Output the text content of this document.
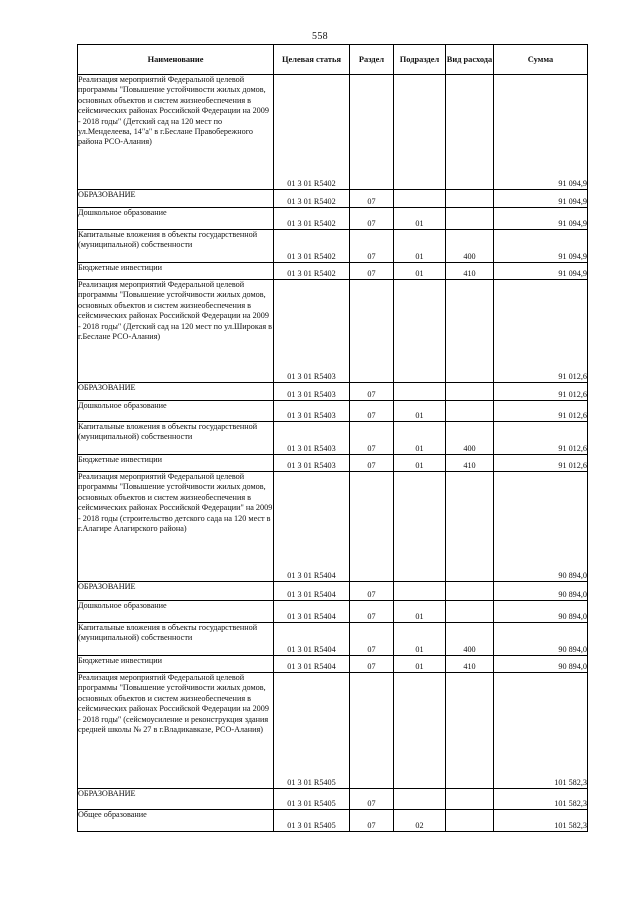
558
Наименование	Целевая статья	Раздел	Подраздел	Вид расхода	Сумма
Реализация мероприятий Федеральной целевой программы "Повышение устойчивости жилых домов, основных объектов и систем жизнеобеспечения в сейсмических районах Российской Федерации на 2009 - 2018 годы" (Детский сад на 120 мест по ул.Менделеева, 14"а" в г.Беслане Правобережного района РСО-Алания)	01 3 01 R5402				91 094,9
ОБРАЗОВАНИЕ	01 3 01 R5402	07			91 094,9
Дошкольное образование	01 3 01 R5402	07	01		91 094,9
Капитальные вложения в объекты государственной (муниципальной) собственности	01 3 01 R5402	07	01	400	91 094,9
Бюджетные инвестиции	01 3 01 R5402	07	01	410	91 094,9
Реализация мероприятий Федеральной целевой программы "Повышение устойчивости жилых домов, основных объектов и систем жизнеобеспечения в сейсмических районах Российской Федерации на 2009 - 2018 годы" (Детский сад на 120 мест по ул.Широкая в г.Беслане РСО-Алания)	01 3 01 R5403				91 012,6
ОБРАЗОВАНИЕ	01 3 01 R5403	07			91 012,6
Дошкольное образование	01 3 01 R5403	07	01		91 012,6
Капитальные вложения в объекты государственной (муниципальной) собственности	01 3 01 R5403	07	01	400	91 012,6
Бюджетные инвестиции	01 3 01 R5403	07	01	410	91 012,6
Реализация мероприятий Федеральной целевой программы "Повышение устойчивости жилых домов, основных объектов и систем жизнеобеспечения в сейсмических районах Российской Федерации" на 2009 - 2018 годы (строительство детского сада на 120 мест в г.Алагире Алагирского района)	01 3 01 R5404				90 894,0
ОБРАЗОВАНИЕ	01 3 01 R5404	07			90 894,0
Дошкольное образование	01 3 01 R5404	07	01		90 894,0
Капитальные вложения в объекты государственной (муниципальной) собственности	01 3 01 R5404	07	01	400	90 894,0
Бюджетные инвестиции	01 3 01 R5404	07	01	410	90 894,0
Реализация мероприятий Федеральной целевой программы "Повышение устойчивости жилых домов, основных объектов и систем жизнеобеспечения в сейсмических районах Российской Федерации на 2009 - 2018 годы" (сейсмоусиление и реконструкция здания средней школы № 27 в г.Владикавказе, РСО-Алания)	01 3 01 R5405				101 582,3
ОБРАЗОВАНИЕ	01 3 01 R5405	07			101 582,3
Общее образование	01 3 01 R5405	07	02		101 582,3
